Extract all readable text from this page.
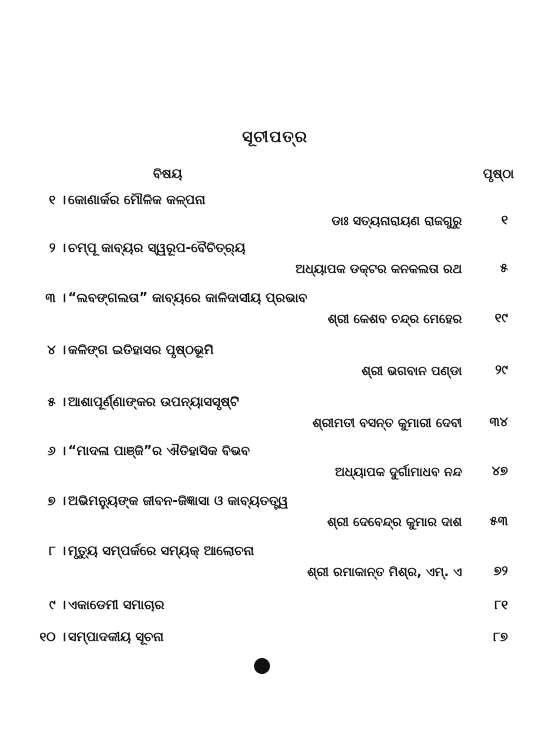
ସୂଚୀପତ୍ର
ବିଷୟ	ପୃଷ୍ଠା
୧ । କୋଣାର୍କର ମୌଳିକ କଳ୍ପନା
ଡାଃ ସତ୍ୟନାରାୟଣ ରାଜଗୁରୁ	୧
୨ । ଚମ୍ପୂ କାବ୍ୟର ସ୍ୱରୂପ-ବୈଚିତ୍ର୍ୟ
ଅଧ୍ୟାପକ ଡକ୍ଟର କନକଲତା ରଥ	୫
୩ । “ଲବଙ୍ଗଲତା” କାବ୍ୟରେ କାଳିଦାସୀୟ ପ୍ରଭାବ
ଶ୍ରୀ କେଶବ ଚନ୍ଦ୍ର ମେହେର	୧୯
୪ । କଳିଙ୍ଗ ଇତିହାସର ପୃଷ୍ଠଭୂମି
ଶ୍ରୀ ଭଗବାନ ପଣ୍ଡା	୨୯
୫ । ଆଶାପୂର୍ଣ୍ଣାଙ୍କର ଉପନ୍ୟାସସୃଷ୍ଟି
ଶ୍ରୀମତୀ ବସନ୍ତ କୁମାରୀ ଦେବୀ ୩୪
୬ । “ମାଦଳା ପାଞ୍ଜି”ର ଐତିହାସିକ ବିଭବ
ଅଧ୍ୟାପକ ଦୁର୍ଗାମାଧବ ନନ୍ଦ ୪୭
୭ । ଅଭିମନ୍ୟୁଙ୍କ ଜୀବନ-ଜିଜ୍ଞାସା ଓ କାବ୍ୟତତ୍ତ୍ୱ
ଶ୍ରୀ ଦେବେନ୍ଦ୍ର କୁମାର ଦାଶ ୫୩
୮ । ମୃତ୍ୟୁ ସମ୍ପର୍କରେ ସମ୍ୟକ୍ ଆଲୋଚନା
ଶ୍ରୀ ରମାକାନ୍ତ ମିଶ୍ର, ଏମ୍. ଏ ୭୨
୯ । ଏକାଡେମୀ ସମାଚାର	୮୧
୧୦ । ସମ୍ପାଦକୀୟ ସୂଚନା	୮୭
